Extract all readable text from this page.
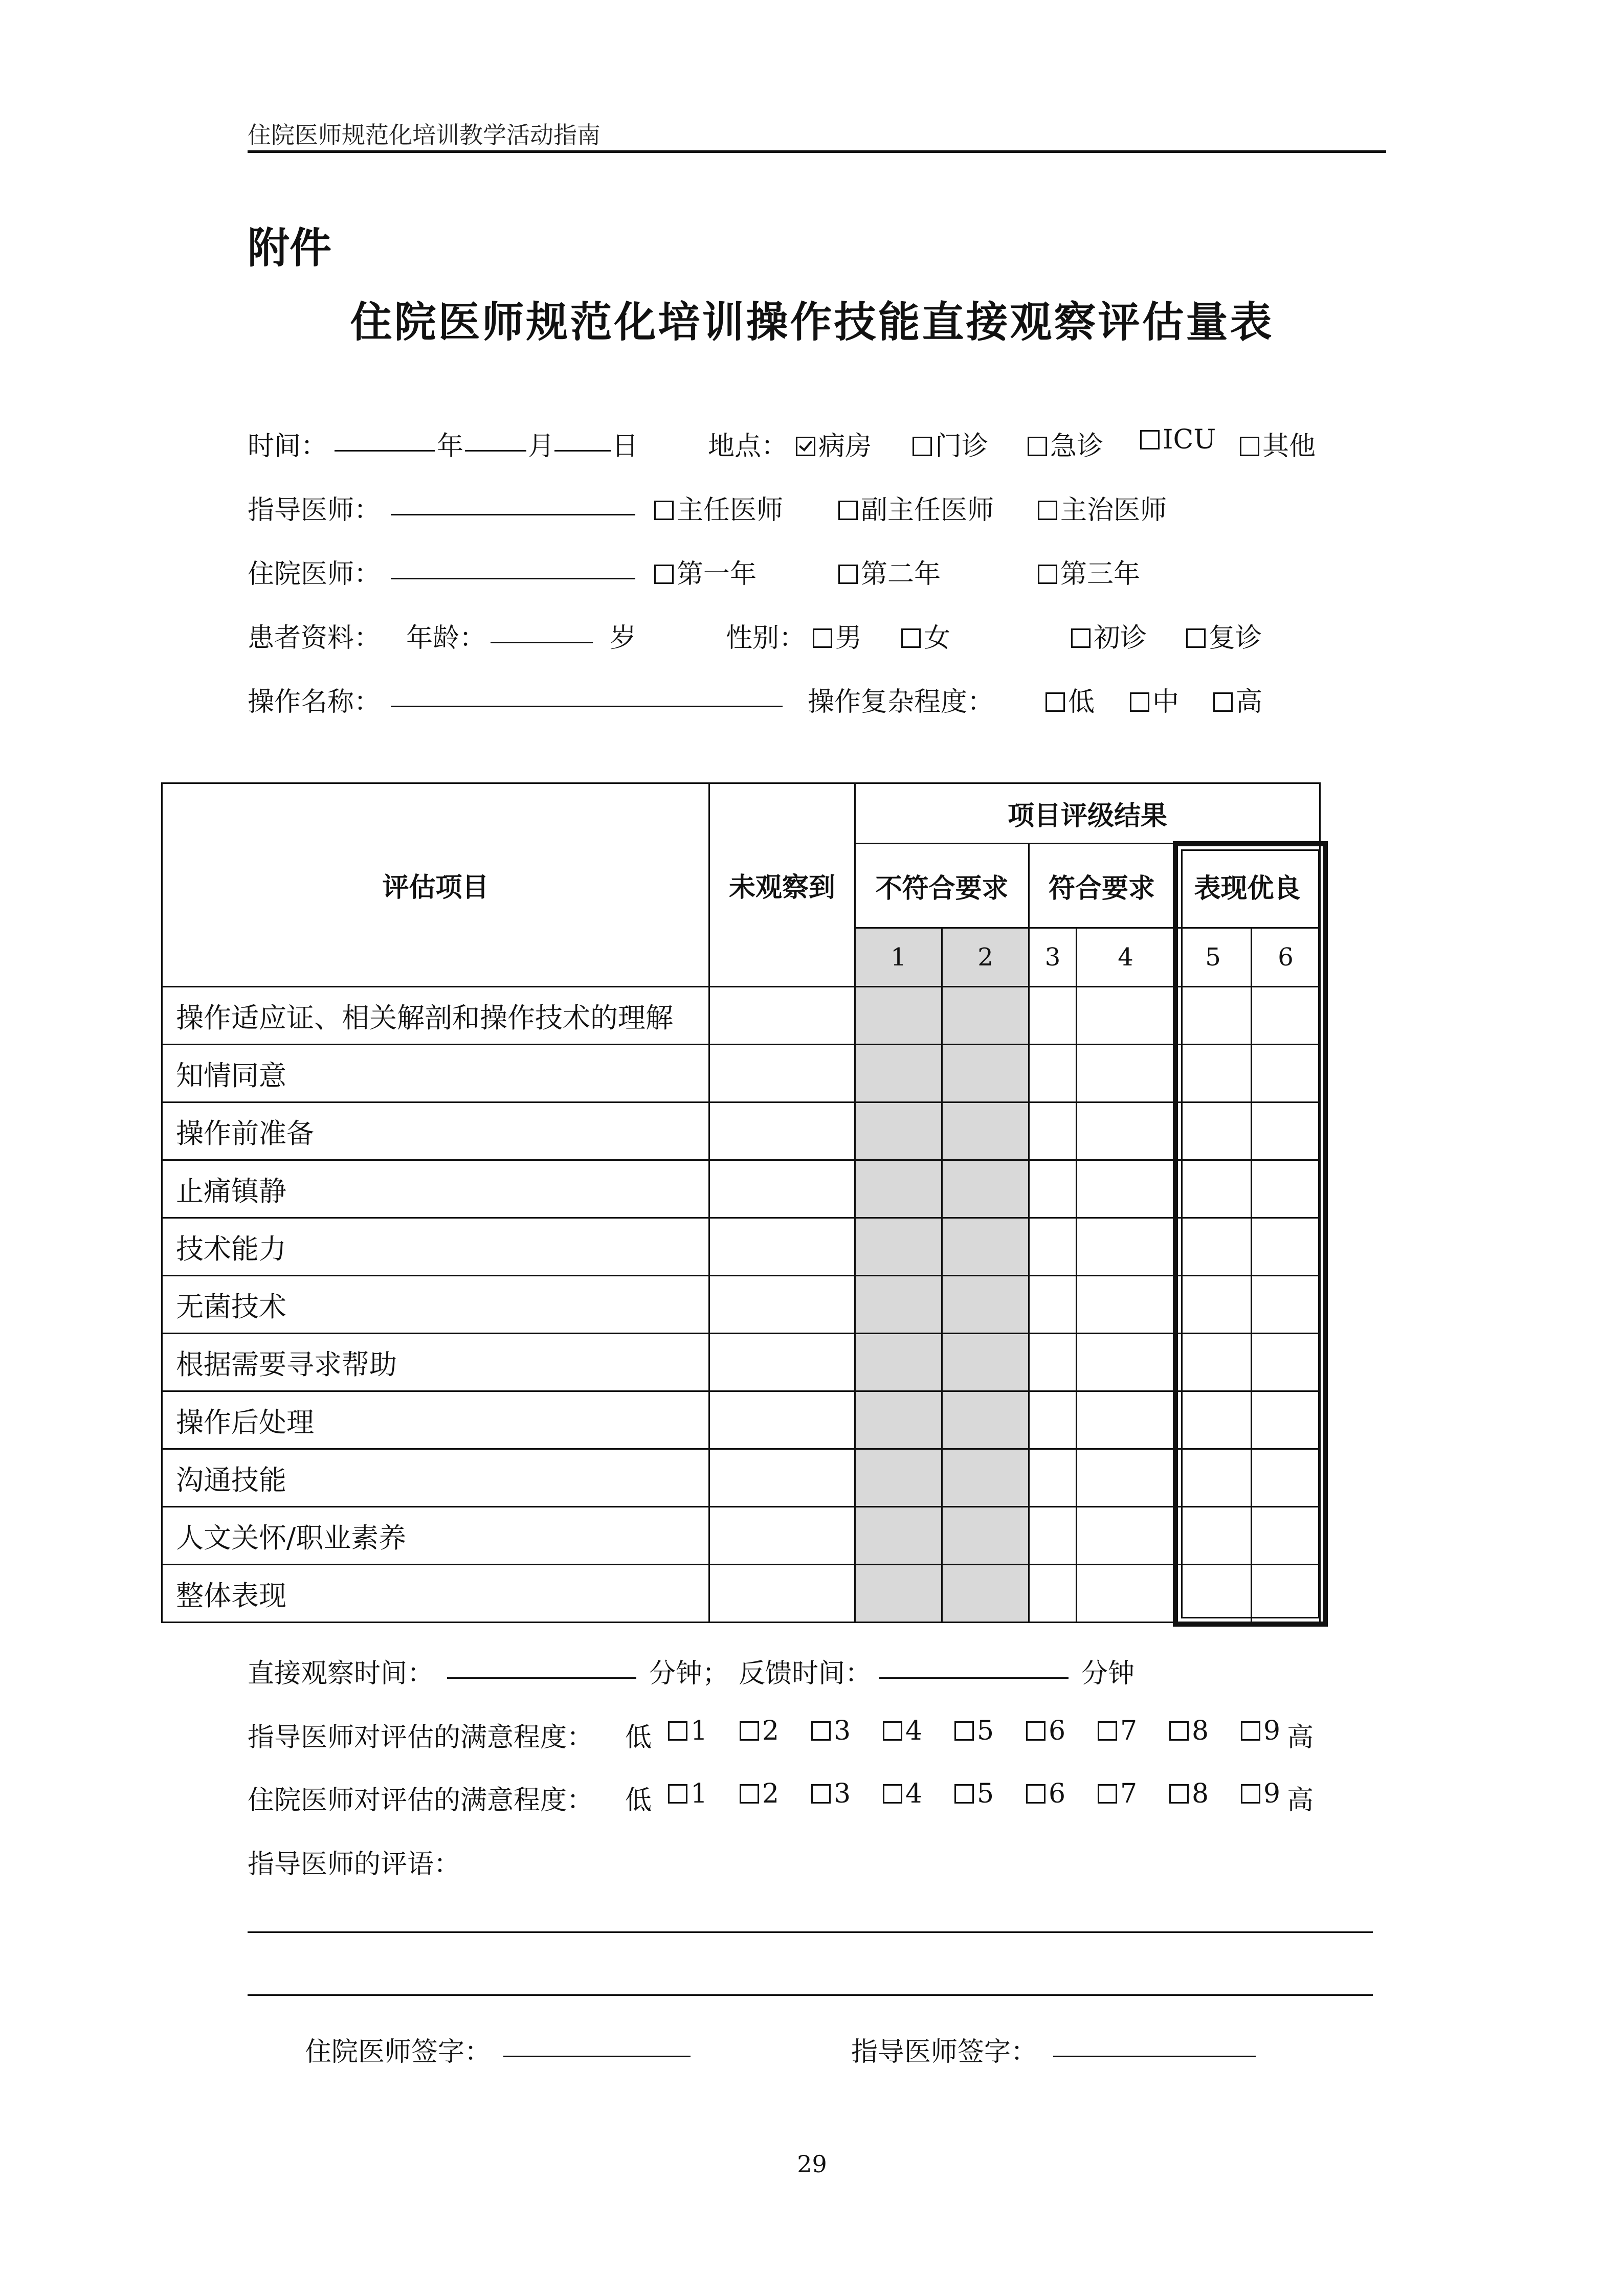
住院医师规范化培训教学活动指南
附件
住院医师规范化培训操作技能直接观察评估量表
时间：	年 月 日	地点：	病房	门诊	急诊	ICU	其他
指导医师：	主任医师	副主任医师	主治医师
住院医师：	第一年	第二年	第三年
患者资料： 年龄：	岁	性别：	男	女	初诊	复诊
操作名称：	操作复杂程度：	低	中	高
评估项目	未观察到	项目评级结果					
		不符合要求		符合要求		表现优良	
		1	2	3	4	5	6
操作适应证、相关解剖和操作技术的理解							
知情同意							
操作前准备							
止痛镇静							
技术能力							
无菌技术							
根据需要寻求帮助							
操作后处理							
沟通技能							
人文关怀/职业素养							
整体表现							
直接观察时间：	分钟； 反馈时间：	分钟
指导医师对评估的满意程度： 低	1	2	3	4	5	6	7	8	9 高
住院医师对评估的满意程度： 低	1	2	3	4	5	6	7	8	9 高
指导医师的评语：
住院医师签字：	指导医师签字：
29
